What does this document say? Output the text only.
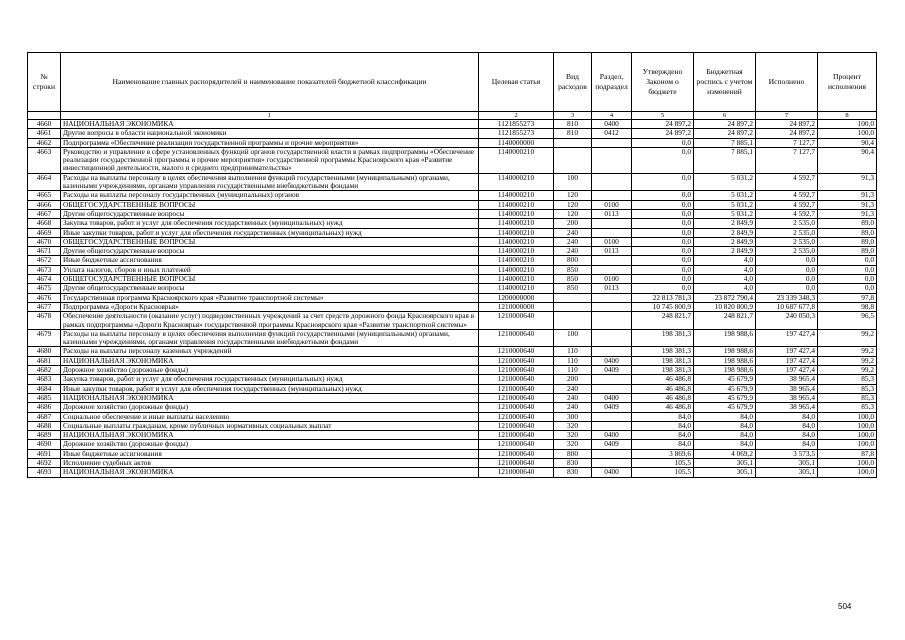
№ строки	Наименование главных распорядителей и наименование показателей бюджетной классификации	Целевая статья	Вид расходов	Раздел, подраздел	Утверждено Законом о бюджете	Бюджетная роспись с учетом изменений	Исполнено	Процент исполнения
	1	2	3	4	5	6	7	8
4660	НАЦИОНАЛЬНАЯ ЭКОНОМИКА	1121855273	810	0400	24 897,2	24 897,2	24 897,2	100,0
4661	Другие вопросы в области национальной экономики	1121855273	810	0412	24 897,2	24 897,2	24 897,2	100,0
4662	Подпрограмма «Обеспечение реализации государственной программы и прочие мероприятия»	1140000000			0,0	7 885,1	7 127,7	90,4
4663	Руководство и управление в сфере установленных функций органов государственной власти в рамках подпрограммы «Обеспечение реализации государственной программы и прочие мероприятия» государственной программы Красноярского края «Развитие инвестиционной деятельности, малого и среднего предпринимательства»	1140000210			0,0	7 885,1	7 127,7	90,4
4664	Расходы на выплаты персоналу в целях обеспечения выполнения функций государственными (муниципальными) органами, казенными учреждениями, органами управления государственными внебюджетными фондами	1140000210	100		0,0	5 031,2	4 592,7	91,3
4665	Расходы на выплаты персоналу государственных (муниципальных) органов	1140000210	120		0,0	5 031,2	4 592,7	91,3
4666	ОБЩЕГОСУДАРСТВЕННЫЕ ВОПРОСЫ	1140000210	120	0100	0,0	5 031,2	4 592,7	91,3
4667	Другие общегосударственные вопросы	1140000210	120	0113	0,0	5 031,2	4 592,7	91,3
4668	Закупка товаров, работ и услуг для обеспечения государственных (муниципальных) нужд	1140000210	200		0,0	2 849,9	2 535,0	89,0
4669	Иные закупки товаров, работ и услуг для обеспечения государственных (муниципальных) нужд	1140000210	240		0,0	2 849,9	2 535,0	89,0
4670	ОБЩЕГОСУДАРСТВЕННЫЕ ВОПРОСЫ	1140000210	240	0100	0,0	2 849,9	2 535,0	89,0
4671	Другие общегосударственные вопросы	1140000210	240	0113	0,0	2 849,9	2 535,0	89,0
4672	Иные бюджетные ассигнования	1140000210	800		0,0	4,0	0,0	0,0
4673	Уплата налогов, сборов и иных платежей	1140000210	850		0,0	4,0	0,0	0,0
4674	ОБЩЕГОСУДАРСТВЕННЫЕ ВОПРОСЫ	1140000210	850	0100	0,0	4,0	0,0	0,0
4675	Другие общегосударственные вопросы	1140000210	850	0113	0,0	4,0	0,0	0,0
4676	Государственная программа Красноярского края «Развитие транспортной системы»	1200000000			22 813 781,3	23 872 790,4	23 339 348,3	97,8
4677	Подпрограмма «Дороги Красноярья»	1210000000			10 745 800,9	10 820 800,9	10 687 677,8	98,8
4678	Обеспечение деятельности (оказание услуг) подведомственных учреждений за счет средств дорожного фонда Красноярского края в рамках подпрограммы «Дороги Красноярья» государственной программы Красноярского края «Развитие транспортной системы»	1210000640			248 821,7	248 821,7	240 050,3	96,5
4679	Расходы на выплаты персоналу в целях обеспечения выполнения функций государственными (муниципальными) органами, казенными учреждениями, органами управления государственными внебюджетными фондами	1210000640	100		198 381,3	198 988,6	197 427,4	99,2
4680	Расходы на выплаты персоналу казенных учреждений	1210000640	110		198 381,3	198 988,6	197 427,4	99,2
4681	НАЦИОНАЛЬНАЯ ЭКОНОМИКА	1210000640	110	0400	198 381,3	198 988,6	197 427,4	99,2
4682	Дорожное хозяйство (дорожные фонды)	1210000640	110	0409	198 381,3	198 988,6	197 427,4	99,2
4683	Закупка товаров, работ и услуг для обеспечения государственных (муниципальных) нужд	1210000640	200		46 486,8	45 679,9	38 965,4	85,3
4684	Иные закупки товаров, работ и услуг для обеспечения государственных (муниципальных) нужд	1210000640	240		46 486,8	45 679,9	38 965,4	85,3
4685	НАЦИОНАЛЬНАЯ ЭКОНОМИКА	1210000640	240	0400	46 486,8	45 679,9	38 965,4	85,3
4686	Дорожное хозяйство (дорожные фонды)	1210000640	240	0409	46 486,8	45 679,9	38 965,4	85,3
4687	Социальное обеспечение и иные выплаты населению	1210000640	300		84,0	84,0	84,0	100,0
4688	Социальные выплаты гражданам, кроме публичных нормативных социальных выплат	1210000640	320		84,0	84,0	84,0	100,0
4689	НАЦИОНАЛЬНАЯ ЭКОНОМИКА	1210000640	320	0400	84,0	84,0	84,0	100,0
4690	Дорожное хозяйство (дорожные фонды)	1210000640	320	0409	84,0	84,0	84,0	100,0
4691	Иные бюджетные ассигнования	1210000640	800		3 869,6	4 069,2	3 573,5	87,8
4692	Исполнение судебных актов	1210000640	830		105,5	305,1	305,1	100,0
4693	НАЦИОНАЛЬНАЯ ЭКОНОМИКА	1210000640	830	0400	105,5	305,1	305,1	100,0
504
